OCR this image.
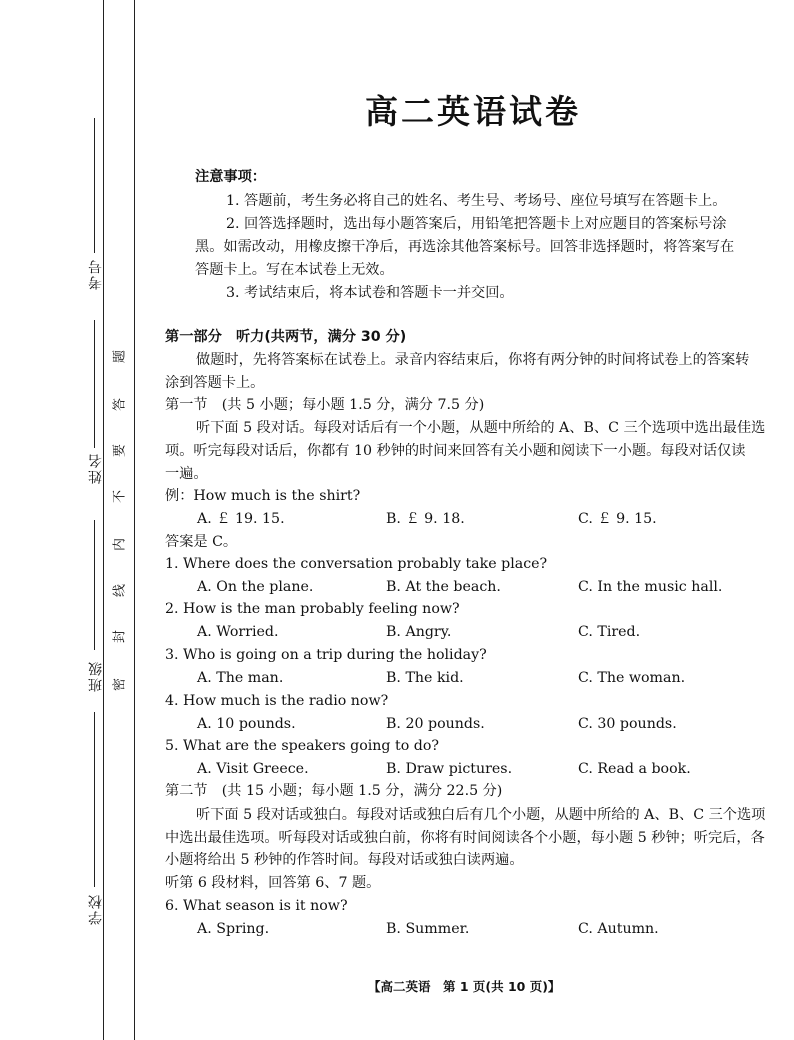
考号
姓名
班级
学校
密
封
线
内
不
要
答
题
高二英语试卷
注意事项：
1. 答题前，考生务必将自己的姓名、考生号、考场号、座位号填写在答题卡上。
2. 回答选择题时，选出每小题答案后，用铅笔把答题卡上对应题目的答案标号涂
黑。如需改动，用橡皮擦干净后，再选涂其他答案标号。回答非选择题时，将答案写在
答题卡上。写在本试卷上无效。
3. 考试结束后，将本试卷和答题卡一并交回。
第一部分　听力(共两节，满分 30 分)
做题时，先将答案标在试卷上。录音内容结束后，你将有两分钟的时间将试卷上的答案转
涂到答题卡上。
第一节　(共 5 小题；每小题 1.5 分，满分 7.5 分)
听下面 5 段对话。每段对话后有一个小题，从题中所给的 A、B、C 三个选项中选出最佳选
项。听完每段对话后，你都有 10 秒钟的时间来回答有关小题和阅读下一小题。每段对话仅读
一遍。
例：How much is the shirt?
A. ￡ 19. 15.	B. ￡ 9. 18.	C. ￡ 9. 15.
答案是 C。
1. Where does the conversation probably take place?
A. On the plane.	B. At the beach.	C. In the music hall.
2. How is the man probably feeling now?
A. Worried.	B. Angry.	C. Tired.
3. Who is going on a trip during the holiday?
A. The man.	B. The kid.	C. The woman.
4. How much is the radio now?
A. 10 pounds.	B. 20 pounds.	C. 30 pounds.
5. What are the speakers going to do?
A. Visit Greece.	B. Draw pictures.	C. Read a book.
第二节　(共 15 小题；每小题 1.5 分，满分 22.5 分)
听下面 5 段对话或独白。每段对话或独白后有几个小题，从题中所给的 A、B、C 三个选项
中选出最佳选项。听每段对话或独白前，你将有时间阅读各个小题，每小题 5 秒钟；听完后，各
小题将给出 5 秒钟的作答时间。每段对话或独白读两遍。
听第 6 段材料，回答第 6、7 题。
6. What season is it now?
A. Spring.	B. Summer.	C. Autumn.
【高二英语　第 1 页(共 10 页)】
